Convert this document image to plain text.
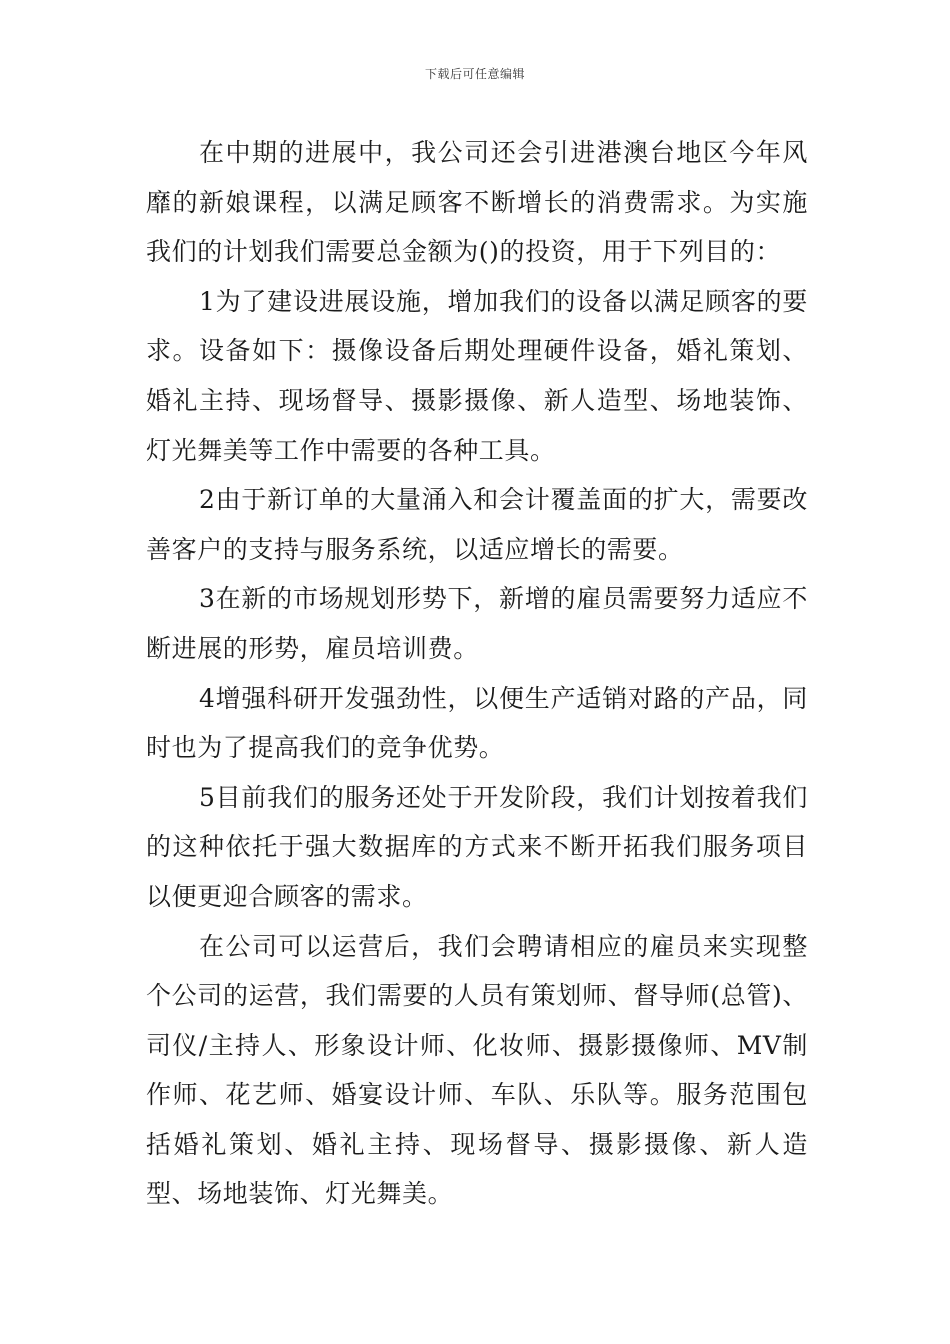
下载后可任意编辑

在中期的进展中，我公司还会引进港澳台地区今年风靡的新娘课程，以满足顾客不断增长的消费需求。为实施我们的计划我们需要总金额为()的投资，用于下列目的：

1为了建设进展设施，增加我们的设备以满足顾客的要求。设备如下：摄像设备后期处理硬件设备，婚礼策划、婚礼主持、现场督导、摄影摄像、新人造型、场地装饰、灯光舞美等工作中需要的各种工具。

2由于新订单的大量涌入和会计覆盖面的扩大，需要改善客户的支持与服务系统，以适应增长的需要。

3在新的市场规划形势下，新增的雇员需要努力适应不断进展的形势，雇员培训费。

4增强科研开发强劲性，以便生产适销对路的产品，同时也为了提高我们的竞争优势。

5目前我们的服务还处于开发阶段，我们计划按着我们的这种依托于强大数据库的方式来不断开拓我们服务项目以便更迎合顾客的需求。

在公司可以运营后，我们会聘请相应的雇员来实现整个公司的运营，我们需要的人员有策划师、督导师(总管)、司仪/主持人、形象设计师、化妆师、摄影摄像师、MV制作师、花艺师、婚宴设计师、车队、乐队等。服务范围包括婚礼策划、婚礼主持、现场督导、摄影摄像、新人造型、场地装饰、灯光舞美。
